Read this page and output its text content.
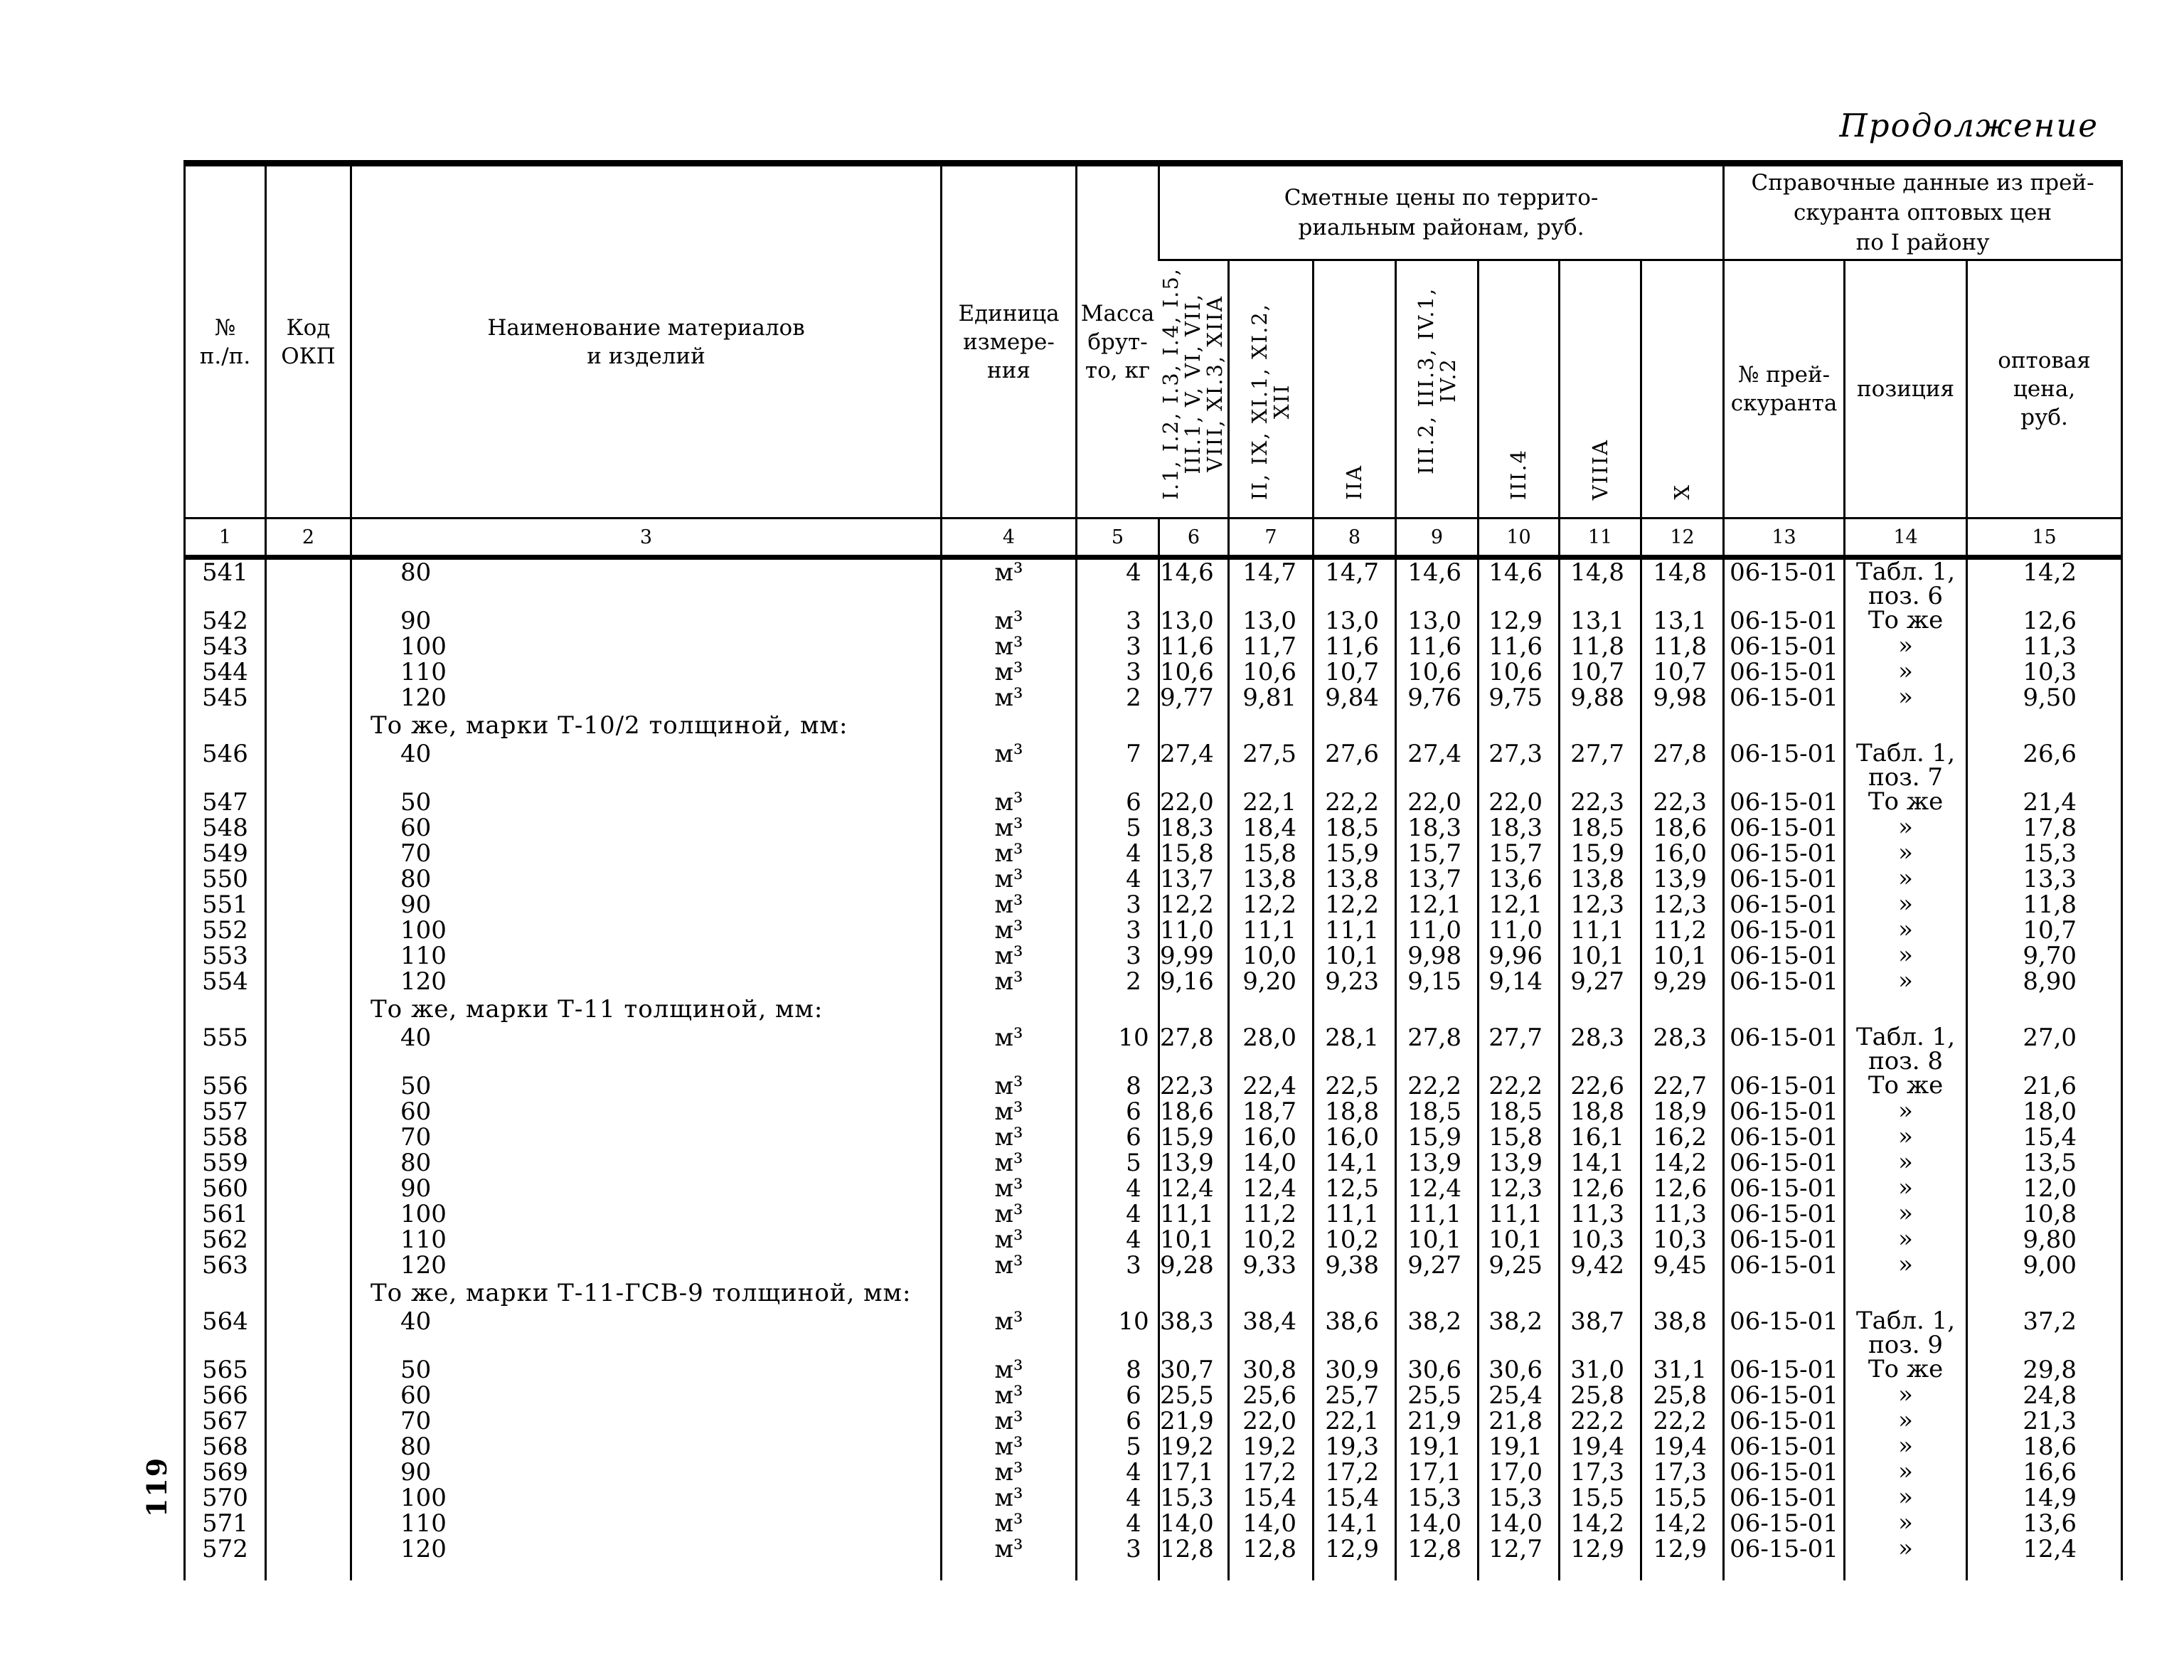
Продолжение
119
№
п./п.	Код
ОКП	Наименование материалов
и изделий	Единица
измере-
ния	Масса
брут-
то, кг	Сметные цены по террито-
риальным районам, руб.							Справочные данные из прей-
скуранта оптовых цен
по I району		
					I.1, I.2, I.3, I.4, I.5,
III.1, V, VI, VII,
VIII, XI.3, XIIA	II, IX, XI.1, XI.2,
XII	IIA	III.2, III.3, IV.1, IV.2	III.4	VIIIA	X	№ прей-
скуранта	позиция	оптовая
цена,
руб.
1	2	3	4	5	6	7	8	9	10	11	12	13	14	15
541		80	м³	4	14,6	14,7	14,7	14,6	14,6	14,8	14,8	06-15-01	Табл. 1,
поз. 6	14,2
542		90	м³	3	13,0	13,0	13,0	13,0	12,9	13,1	13,1	06-15-01	То же	12,6
543		100	м³	3	11,6	11,7	11,6	11,6	11,6	11,8	11,8	06-15-01	»	11,3
544		110	м³	3	10,6	10,6	10,7	10,6	10,6	10,7	10,7	06-15-01	»	10,3
545		120	м³	2	9,77	9,81	9,84	9,76	9,75	9,88	9,98	06-15-01	»	9,50
		То же, марки Т-10/2 толщиной, мм:												
546		40	м³	7	27,4	27,5	27,6	27,4	27,3	27,7	27,8	06-15-01	Табл. 1,
поз. 7	26,6
547		50	м³	6	22,0	22,1	22,2	22,0	22,0	22,3	22,3	06-15-01	То же	21,4
548		60	м³	5	18,3	18,4	18,5	18,3	18,3	18,5	18,6	06-15-01	»	17,8
549		70	м³	4	15,8	15,8	15,9	15,7	15,7	15,9	16,0	06-15-01	»	15,3
550		80	м³	4	13,7	13,8	13,8	13,7	13,6	13,8	13,9	06-15-01	»	13,3
551		90	м³	3	12,2	12,2	12,2	12,1	12,1	12,3	12,3	06-15-01	»	11,8
552		100	м³	3	11,0	11,1	11,1	11,0	11,0	11,1	11,2	06-15-01	»	10,7
553		110	м³	3	9,99	10,0	10,1	9,98	9,96	10,1	10,1	06-15-01	»	9,70
554		120	м³	2	9,16	9,20	9,23	9,15	9,14	9,27	9,29	06-15-01	»	8,90
		То же, марки Т-11 толщиной, мм:												
555		40	м³	10	27,8	28,0	28,1	27,8	27,7	28,3	28,3	06-15-01	Табл. 1,
поз. 8	27,0
556		50	м³	8	22,3	22,4	22,5	22,2	22,2	22,6	22,7	06-15-01	То же	21,6
557		60	м³	6	18,6	18,7	18,8	18,5	18,5	18,8	18,9	06-15-01	»	18,0
558		70	м³	6	15,9	16,0	16,0	15,9	15,8	16,1	16,2	06-15-01	»	15,4
559		80	м³	5	13,9	14,0	14,1	13,9	13,9	14,1	14,2	06-15-01	»	13,5
560		90	м³	4	12,4	12,4	12,5	12,4	12,3	12,6	12,6	06-15-01	»	12,0
561		100	м³	4	11,1	11,2	11,1	11,1	11,1	11,3	11,3	06-15-01	»	10,8
562		110	м³	4	10,1	10,2	10,2	10,1	10,1	10,3	10,3	06-15-01	»	9,80
563		120	м³	3	9,28	9,33	9,38	9,27	9,25	9,42	9,45	06-15-01	»	9,00
		То же, марки Т-11-ГСВ-9 толщиной, мм:												
564		40	м³	10	38,3	38,4	38,6	38,2	38,2	38,7	38,8	06-15-01	Табл. 1,
поз. 9	37,2
565		50	м³	8	30,7	30,8	30,9	30,6	30,6	31,0	31,1	06-15-01	То же	29,8
566		60	м³	6	25,5	25,6	25,7	25,5	25,4	25,8	25,8	06-15-01	»	24,8
567		70	м³	6	21,9	22,0	22,1	21,9	21,8	22,2	22,2	06-15-01	»	21,3
568		80	м³	5	19,2	19,2	19,3	19,1	19,1	19,4	19,4	06-15-01	»	18,6
569		90	м³	4	17,1	17,2	17,2	17,1	17,0	17,3	17,3	06-15-01	»	16,6
570		100	м³	4	15,3	15,4	15,4	15,3	15,3	15,5	15,5	06-15-01	»	14,9
571		110	м³	4	14,0	14,0	14,1	14,0	14,0	14,2	14,2	06-15-01	»	13,6
572		120	м³	3	12,8	12,8	12,9	12,8	12,7	12,9	12,9	06-15-01	»	12,4
